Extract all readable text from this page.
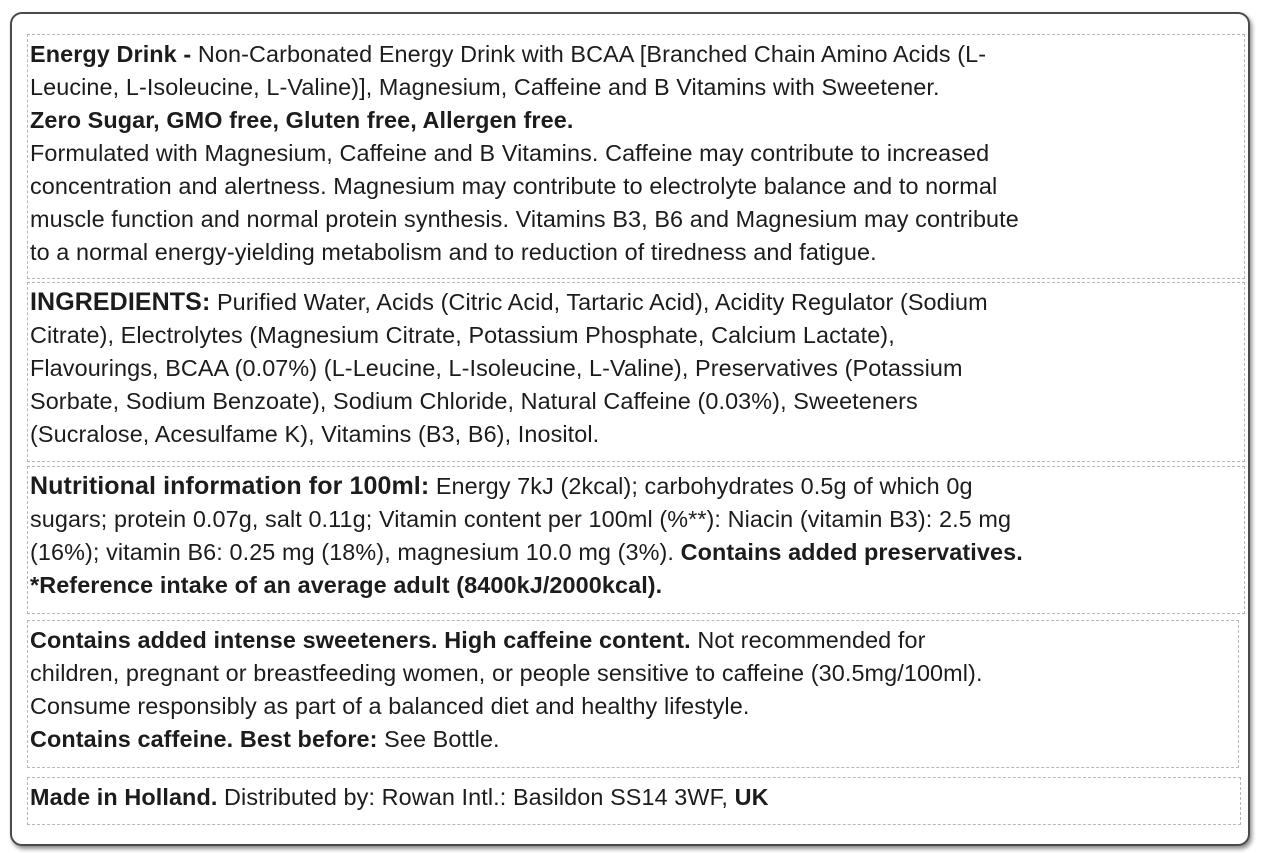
Energy Drink - Non-Carbonated Energy Drink with BCAA [Branched Chain Amino Acids (L-
Leucine, L-Isoleucine, L-Valine)], Magnesium, Caffeine and B Vitamins with Sweetener.
Zero Sugar, GMO free, Gluten free, Allergen free.
Formulated with Magnesium, Caffeine and B Vitamins. Caffeine may contribute to increased
concentration and alertness. Magnesium may contribute to electrolyte balance and to normal
muscle function and normal protein synthesis. Vitamins B3, B6 and Magnesium may contribute
to a normal energy-yielding metabolism and to reduction of tiredness and fatigue.
INGREDIENTS: Purified Water, Acids (Citric Acid, Tartaric Acid), Acidity Regulator (Sodium
Citrate), Electrolytes (Magnesium Citrate, Potassium Phosphate, Calcium Lactate),
Flavourings, BCAA (0.07%) (L-Leucine, L-Isoleucine, L-Valine), Preservatives (Potassium
Sorbate, Sodium Benzoate), Sodium Chloride, Natural Caffeine (0.03%), Sweeteners
(Sucralose, Acesulfame K), Vitamins (B3, B6), Inositol.
Nutritional information for 100ml: Energy 7kJ (2kcal); carbohydrates 0.5g of which 0g
sugars; protein 0.07g, salt 0.11g; Vitamin content per 100ml (%**): Niacin (vitamin B3): 2.5 mg
(16%); vitamin B6: 0.25 mg (18%), magnesium 10.0 mg (3%). Contains added preservatives.
*Reference intake of an average adult (8400kJ/2000kcal).
Contains added intense sweeteners. High caffeine content. Not recommended for
children, pregnant or breastfeeding women, or people sensitive to caffeine (30.5mg/100ml).
Consume responsibly as part of a balanced diet and healthy lifestyle.
Contains caffeine. Best before: See Bottle.
Made in Holland. Distributed by: Rowan Intl.: Basildon SS14 3WF, UK
